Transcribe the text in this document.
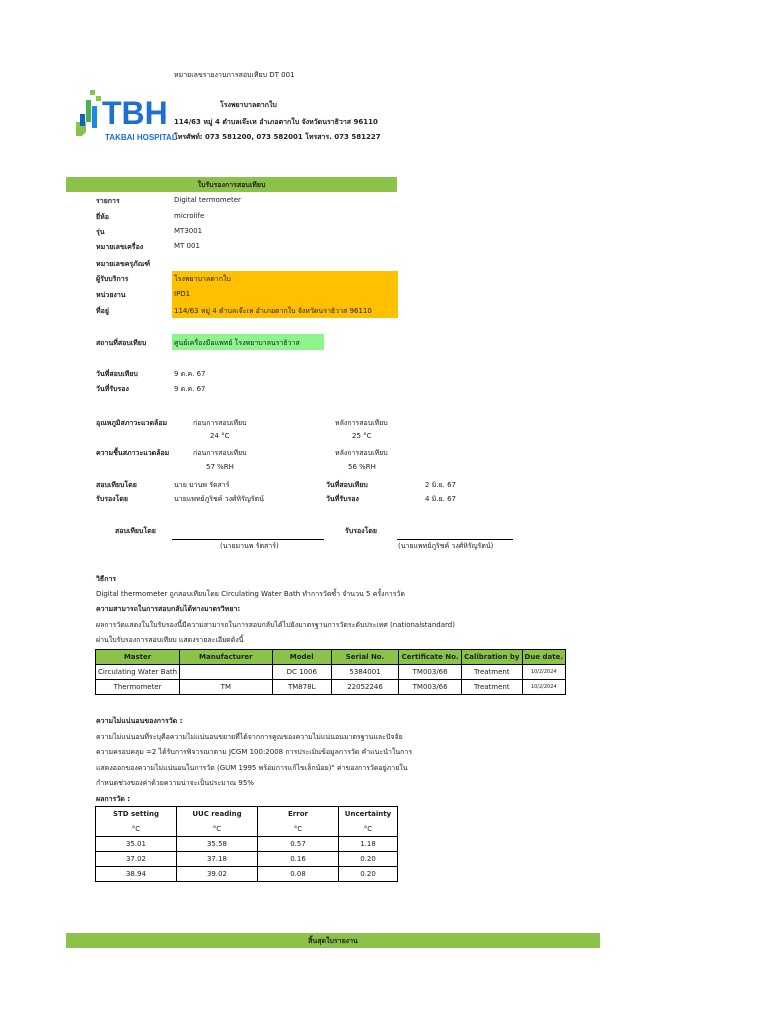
หมายเลขรายงานการสอบเทียบ DT 001
TBH
TAKBAI HOSPITAL
โรงพยาบาลตากใบ
114/63 หมู่ 4 ตำบลเจ๊ะเห อำเภอตากใบ จังหวัดนราธิวาส 96110
โทรศัพท์: 073 581200, 073 582001 โทรสาร. 073 581227
ใบรับรองการสอบเทียบ
รายการ	Digital termometer
ยี่ห้อ	microlife
รุ่น	MT3001
หมายเลขเครื่อง	MT 001
หมายเลขครุภัณฑ์
ผู้รับบริการ	โรงพยาบาลตากใบ
หน่วยงาน	IPD1
ที่อยู่	114/63 หมู่ 4 ตำบลเจ๊ะเห อำเภอตากใบ จังหวัดนราธิวาส 96110
สถานที่สอบเทียบ	ศูนย์เครื่องมือแพทย์ โรงพยาบาลนราธิวาส
วันที่สอบเทียบ	9 ต.ค. 67
วันที่รับรอง	9 ต.ค. 67
อุณหภูมิสภาวะแวดล้อม	ก่อนการสอบเทียบ	หลังการสอบเทียบ
24 °C	25 °C
ความชื้นสภาวะแวดล้อม	ก่อนการสอบเทียบ	หลังการสอบเทียบ
57 %RH	56 %RH
สอบเทียบโดย	นาย มานพ รัตสาร์	วันที่สอบเทียบ	2 มิ.ย. 67
รับรองโดย	นายแพทย์ภูริชค์ วงศ์หิรัญรัตน์	วันที่รับรอง	4 มิ.ย. 67
สอบเทียบโดย	รับรองโดย
(นายมานพ รัตสาร์)	(นายแพทย์ภูริชค์ วงศ์หิรัญรัตน์)
วิธีการ
Digital thermometer ถูกสอบเทียบโดย Circulating Water Bath ทำการวัดซ้ำ จำนวน 5 ครั้งการวัด
ความสามารถในการสอบกลับได้ทางมาตรวิทยา:
ผลการวัดแสดงในใบรับรองนี้มีความสามารถในการสอบกลับได้ไปยังมาตรฐานการวัดระดับประเทศ (nationalstandard)
ผ่านใบรับรองการสอบเทียบ แสดงรายละเอียดดังนี้
Master	Manufacturer	Model	Serial No.	Certificate No.	Calibration by	Due date.
Circulating Water Bath		DC 1006	5384001	TM003/66	Treatment	10/2/2024
Thermometer	TM	TM878L	22052246	TM003/66	Treatment	10/2/2024
ความไม่แน่นอนของการวัด :
ความไม่แน่นอนที่ระบุคือความไม่แน่นอนขยายที่ได้จากการคูณของความไม่แน่นอนมาตรฐานและปัจจัย
ความครอบคลุม =2 ได้รับการพิจารณาตาม JCGM 100:2008 การประเมินข้อมูลการวัด คำแนะนำในการ
แสดงออกของความไม่แน่นอนในการวัด (GUM 1995 พร้อมการแก้ไขเล็กน้อย)" ค่าของการวัดอยู่ภายใน
กำหนดช่วงของค่าด้วยความน่าจะเป็นประมาณ 95%
ผลการวัด :
STD setting	UUC reading	Error	Uncertainty
°C	°C	°C	°C
35.01	35.58	0.57	1.18
37.02	37.18	0.16	0.20
38.94	39.02	0.08	0.20
สิ้นสุดใบรายงาน
